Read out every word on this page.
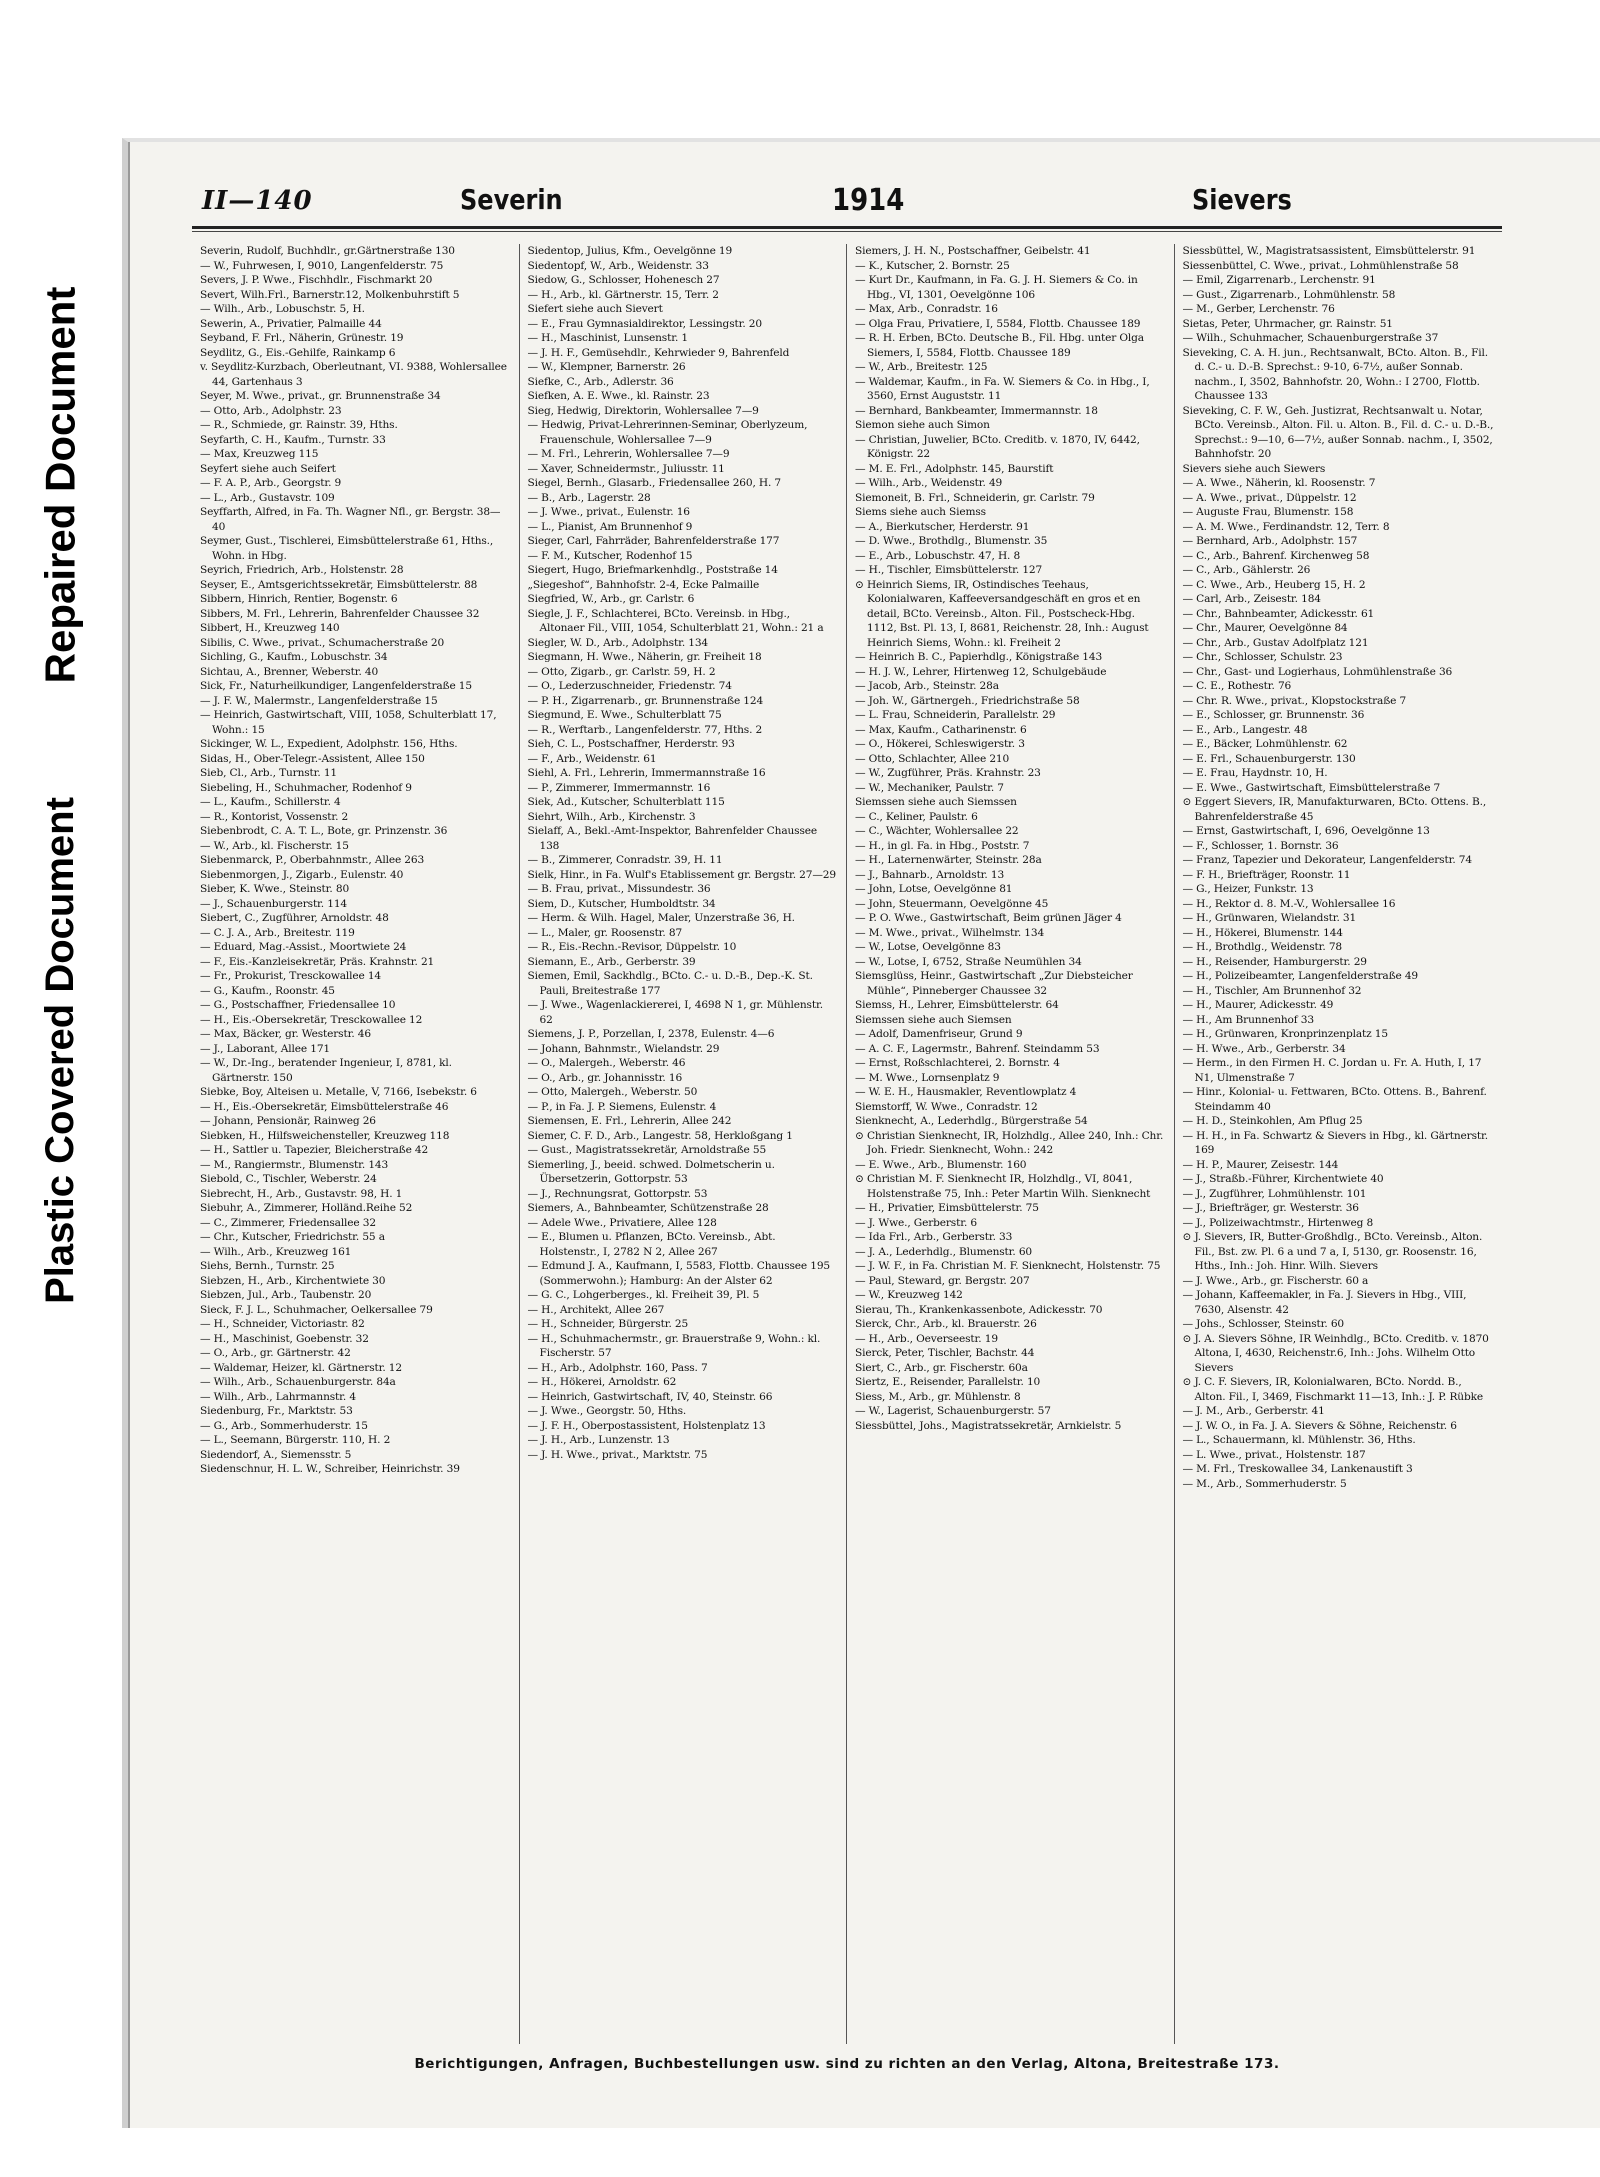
Repaired Document
Plastic Covered Document
II—140	Severin	1914	Sievers
Severin, Rudolf, Buchhdlr., gr.Gärtnerstraße 130
— W., Fuhrwesen, I, 9010, Langenfelderstr. 75
Severs, J. P. Wwe., Fischhdlr., Fischmarkt 20
Severt, Wilh.Frl., Barnerstr.12, Molkenbuhrstift 5
— Wilh., Arb., Lobuschstr. 5, H.
Sewerin, A., Privatier, Palmaille 44
Seyband, F. Frl., Näherin, Grünestr. 19
Seydlitz, G., Eis.-Gehilfe, Rainkamp 6
v. Seydlitz-Kurzbach, Oberleutnant, VI. 9388, Wohlersallee 44, Gartenhaus 3
Seyer, M. Wwe., privat., gr. Brunnenstraße 34
— Otto, Arb., Adolphstr. 23
— R., Schmiede, gr. Rainstr. 39, Hths.
Seyfarth, C. H., Kaufm., Turnstr. 33
— Max, Kreuzweg 115
Seyfert siehe auch Seifert
— F. A. P., Arb., Georgstr. 9
— L., Arb., Gustavstr. 109
Seyffarth, Alfred, in Fa. Th. Wagner Nfl., gr. Bergstr. 38—40
Seymer, Gust., Tischlerei, Eimsbüttelerstraße 61, Hths., Wohn. in Hbg.
Seyrich, Friedrich, Arb., Holstenstr. 28
Seyser, E., Amtsgerichtssekretär, Eimsbüttelerstr. 88
Sibbern, Hinrich, Rentier, Bogenstr. 6
Sibbers, M. Frl., Lehrerin, Bahrenfelder Chaussee 32
Sibbert, H., Kreuzweg 140
Sibilis, C. Wwe., privat., Schumacherstraße 20
Sichling, G., Kaufm., Lobuschstr. 34
Sichtau, A., Brenner, Weberstr. 40
Sick, Fr., Naturheilkundiger, Langenfelderstraße 15
— J. F. W., Malermstr., Langenfelderstraße 15
— Heinrich, Gastwirtschaft, VIII, 1058, Schulterblatt 17, Wohn.: 15
Sickinger, W. L., Expedient, Adolphstr. 156, Hths.
Sidas, H., Ober-Telegr.-Assistent, Allee 150
Sieb, Cl., Arb., Turnstr. 11
Siebeling, H., Schuhmacher, Rodenhof 9
— L., Kaufm., Schillerstr. 4
— R., Kontorist, Vossenstr. 2
Siebenbrodt, C. A. T. L., Bote, gr. Prinzenstr. 36
— W., Arb., kl. Fischerstr. 15
Siebenmarck, P., Oberbahnmstr., Allee 263
Siebenmorgen, J., Zigarb., Eulenstr. 40
Sieber, K. Wwe., Steinstr. 80
— J., Schauenburgerstr. 114
Siebert, C., Zugführer, Arnoldstr. 48
— C. J. A., Arb., Breitestr. 119
— Eduard, Mag.-Assist., Moortwiete 24
— F., Eis.-Kanzleisekretär, Präs. Krahnstr. 21
— Fr., Prokurist, Tresckowallee 14
— G., Kaufm., Roonstr. 45
— G., Postschaffner, Friedensallee 10
— H., Eis.-Obersekretär, Tresckowallee 12
— Max, Bäcker, gr. Westerstr. 46
— J., Laborant, Allee 171
— W., Dr.-Ing., beratender Ingenieur, I, 8781, kl. Gärtnerstr. 150
Siebke, Boy, Alteisen u. Metalle, V, 7166, Isebekstr. 6
— H., Eis.-Obersekretär, Eimsbüttelerstraße 46
— Johann, Pensionär, Rainweg 26
Siebken, H., Hilfsweichensteller, Kreuzweg 118
— H., Sattler u. Tapezier, Bleicherstraße 42
— M., Rangiermstr., Blumenstr. 143
Siebold, C., Tischler, Weberstr. 24
Siebrecht, H., Arb., Gustavstr. 98, H. 1
Siebuhr, A., Zimmerer, Holländ.Reihe 52
— C., Zimmerer, Friedensallee 32
— Chr., Kutscher, Friedrichstr. 55 a
— Wilh., Arb., Kreuzweg 161
Siehs, Bernh., Turnstr. 25
Siebzen, H., Arb., Kirchentwiete 30
Siebzen, Jul., Arb., Taubenstr. 20
Sieck, F. J. L., Schuhmacher, Oelkersallee 79
— H., Schneider, Victoriastr. 82
— H., Maschinist, Goebenstr. 32
— O., Arb., gr. Gärtnerstr. 42
— Waldemar, Heizer, kl. Gärtnerstr. 12
— Wilh., Arb., Schauenburgerstr. 84a
— Wilh., Arb., Lahrmannstr. 4
Siedenburg, Fr., Marktstr. 53
— G., Arb., Sommerhuderstr. 15
— L., Seemann, Bürgerstr. 110, H. 2
Siedendorf, A., Siemensstr. 5
Siedenschnur, H. L. W., Schreiber, Heinrichstr. 39
Siedentop, Julius, Kfm., Oevelgönne 19
Siedentopf, W., Arb., Weidenstr. 33
Siedow, G., Schlosser, Hohenesch 27
— H., Arb., kl. Gärtnerstr. 15, Terr. 2
Siefert siehe auch Sievert
— E., Frau Gymnasialdirektor, Lessingstr. 20
— H., Maschinist, Lunsenstr. 1
— J. H. F., Gemüsehdlr., Kehrwieder 9, Bahrenfeld
— W., Klempner, Barnerstr. 26
Siefke, C., Arb., Adlerstr. 36
Siefken, A. E. Wwe., kl. Rainstr. 23
Sieg, Hedwig, Direktorin, Wohlersallee 7—9
— Hedwig, Privat-Lehrerinnen-Seminar, Oberlyzeum, Frauenschule, Wohlersallee 7—9
— M. Frl., Lehrerin, Wohlersallee 7—9
— Xaver, Schneidermstr., Juliusstr. 11
Siegel, Bernh., Glasarb., Friedensallee 260, H. 7
— B., Arb., Lagerstr. 28
— J. Wwe., privat., Eulenstr. 16
— L., Pianist, Am Brunnenhof 9
Sieger, Carl, Fahrräder, Bahrenfelderstraße 177
— F. M., Kutscher, Rodenhof 15
Siegert, Hugo, Briefmarkenhdlg., Poststraße 14
„Siegeshof“, Bahnhofstr. 2-4, Ecke Palmaille
Siegfried, W., Arb., gr. Carlstr. 6
Siegle, J. F., Schlachterei, BCto. Vereinsb. in Hbg., Altonaer Fil., VIII, 1054, Schulterblatt 21, Wohn.: 21 a
Siegler, W. D., Arb., Adolphstr. 134
Siegmann, H. Wwe., Näherin, gr. Freiheit 18
— Otto, Zigarb., gr. Carlstr. 59, H. 2
— O., Lederzuschneider, Friedenstr. 74
— P. H., Zigarrenarb., gr. Brunnenstraße 124
Siegmund, E. Wwe., Schulterblatt 75
— R., Werftarb., Langenfelderstr. 77, Hths. 2
Sieh, C. L., Postschaffner, Herderstr. 93
— F., Arb., Weidenstr. 61
Siehl, A. Frl., Lehrerin, Immermannstraße 16
— P., Zimmerer, Immermannstr. 16
Siek, Ad., Kutscher, Schulterblatt 115
Siehrt, Wilh., Arb., Kirchenstr. 3
Sielaff, A., Bekl.-Amt-Inspektor, Bahrenfelder Chaussee 138
— B., Zimmerer, Conradstr. 39, H. 11
Sielk, Hinr., in Fa. Wulf's Etablissement gr. Bergstr. 27—29
— B. Frau, privat., Missundestr. 36
Siem, D., Kutscher, Humboldtstr. 34
— Herm. & Wilh. Hagel, Maler, Unzerstraße 36, H.
— L., Maler, gr. Roosenstr. 87
— R., Eis.-Rechn.-Revisor, Düppelstr. 10
Siemann, E., Arb., Gerberstr. 39
Siemen, Emil, Sackhdlg., BCto. C.- u. D.-B., Dep.-K. St. Pauli, Breitestraße 177
— J. Wwe., Wagenlackiererei, I, 4698 N 1, gr. Mühlenstr. 62
Siemens, J. P., Porzellan, I, 2378, Eulenstr. 4—6
— Johann, Bahnmstr., Wielandstr. 29
— O., Malergeh., Weberstr. 46
— O., Arb., gr. Johannisstr. 16
— Otto, Malergeh., Weberstr. 50
— P., in Fa. J. P. Siemens, Eulenstr. 4
Siemensen, E. Frl., Lehrerin, Allee 242
Siemer, C. F. D., Arb., Langestr. 58, Herkloßgang 1
— Gust., Magistratssekretär, Arnoldstraße 55
Siemerling, J., beeid. schwed. Dolmetscherin u. Übersetzerin, Gottorpstr. 53
— J., Rechnungsrat, Gottorpstr. 53
Siemers, A., Bahnbeamter, Schützenstraße 28
— Adele Wwe., Privatiere, Allee 128
— E., Blumen u. Pflanzen, BCto. Vereinsb., Abt. Holstenstr., I, 2782 N 2, Allee 267
— Edmund J. A., Kaufmann, I, 5583, Flottb. Chaussee 195 (Sommerwohn.); Hamburg: An der Alster 62
— G. C., Lohgerberges., kl. Freiheit 39, Pl. 5
— H., Architekt, Allee 267
— H., Schneider, Bürgerstr. 25
— H., Schuhmachermstr., gr. Brauerstraße 9, Wohn.: kl. Fischerstr. 57
— H., Arb., Adolphstr. 160, Pass. 7
— H., Hökerei, Arnoldstr. 62
— Heinrich, Gastwirtschaft, IV, 40, Steinstr. 66
— J. Wwe., Georgstr. 50, Hths.
— J. F. H., Oberpostassistent, Holstenplatz 13
— J. H., Arb., Lunzenstr. 13
— J. H. Wwe., privat., Marktstr. 75
Siemers, J. H. N., Postschaffner, Geibelstr. 41
— K., Kutscher, 2. Bornstr. 25
— Kurt Dr., Kaufmann, in Fa. G. J. H. Siemers & Co. in Hbg., VI, 1301, Oevelgönne 106
— Max, Arb., Conradstr. 16
— Olga Frau, Privatiere, I, 5584, Flottb. Chaussee 189
— R. H. Erben, BCto. Deutsche B., Fil. Hbg. unter Olga Siemers, I, 5584, Flottb. Chaussee 189
— W., Arb., Breitestr. 125
— Waldemar, Kaufm., in Fa. W. Siemers & Co. in Hbg., I, 3560, Ernst Auguststr. 11
— Bernhard, Bankbeamter, Immermannstr. 18
Siemon siehe auch Simon
— Christian, Juwelier, BCto. Creditb. v. 1870, IV, 6442, Königstr. 22
— M. E. Frl., Adolphstr. 145, Baurstift
— Wilh., Arb., Weidenstr. 49
Siemoneit, B. Frl., Schneiderin, gr. Carlstr. 79
Siems siehe auch Siemss
— A., Bierkutscher, Herderstr. 91
— D. Wwe., Brothdlg., Blumenstr. 35
— E., Arb., Lobuschstr. 47, H. 8
— H., Tischler, Eimsbüttelerstr. 127
⊙ Heinrich Siems, IR, Ostindisches Teehaus, Kolonialwaren, Kaffeeversandgeschäft en gros et en detail, BCto. Vereinsb., Alton. Fil., Postscheck-Hbg. 1112, Bst. Pl. 13, I, 8681, Reichenstr. 28, Inh.: August Heinrich Siems, Wohn.: kl. Freiheit 2
— Heinrich B. C., Papierhdlg., Königstraße 143
— H. J. W., Lehrer, Hirtenweg 12, Schulgebäude
— Jacob, Arb., Steinstr. 28a
— Joh. W., Gärtnergeh., Friedrichstraße 58
— L. Frau, Schneiderin, Parallelstr. 29
— Max, Kaufm., Catharinenstr. 6
— O., Hökerei, Schleswigerstr. 3
— Otto, Schlachter, Allee 210
— W., Zugführer, Präs. Krahnstr. 23
— W., Mechaniker, Paulstr. 7
Siemssen siehe auch Siemssen
— C., Keliner, Paulstr. 6
— C., Wächter, Wohlersallee 22
— H., in gl. Fa. in Hbg., Poststr. 7
— H., Laternenwärter, Steinstr. 28a
— J., Bahnarb., Arnoldstr. 13
— John, Lotse, Oevelgönne 81
— John, Steuermann, Oevelgönne 45
— P. O. Wwe., Gastwirtschaft, Beim grünen Jäger 4
— M. Wwe., privat., Wilhelmstr. 134
— W., Lotse, Oevelgönne 83
— W., Lotse, I, 6752, Straße Neumühlen 34
Siemsglüss, Heinr., Gastwirtschaft „Zur Diebsteicher Mühle“, Pinneberger Chaussee 32
Siemss, H., Lehrer, Eimsbüttelerstr. 64
Siemssen siehe auch Siemsen
— Adolf, Damenfriseur, Grund 9
— A. C. F., Lagermstr., Bahrenf. Steindamm 53
— Ernst, Roßschlachterei, 2. Bornstr. 4
— M. Wwe., Lornsenplatz 9
— W. E. H., Hausmakler, Reventlowplatz 4
Siemstorff, W. Wwe., Conradstr. 12
Sienknecht, A., Lederhdlg., Bürgerstraße 54
⊙ Christian Sienknecht, IR, Holzhdlg., Allee 240, Inh.: Chr. Joh. Friedr. Sienknecht, Wohn.: 242
— E. Wwe., Arb., Blumenstr. 160
⊙ Christian M. F. Sienknecht IR, Holzhdlg., VI, 8041, Holstenstraße 75, Inh.: Peter Martin Wilh. Sienknecht
— H., Privatier, Eimsbüttelerstr. 75
— J. Wwe., Gerberstr. 6
— Ida Frl., Arb., Gerberstr. 33
— J. A., Lederhdlg., Blumenstr. 60
— J. W. F., in Fa. Christian M. F. Sienknecht, Holstenstr. 75
— Paul, Steward, gr. Bergstr. 207
— W., Kreuzweg 142
Sierau, Th., Krankenkassenbote, Adickesstr. 70
Sierck, Chr., Arb., kl. Brauerstr. 26
— H., Arb., Oeverseestr. 19
Sierck, Peter, Tischler, Bachstr. 44
Siert, C., Arb., gr. Fischerstr. 60a
Siertz, E., Reisender, Parallelstr. 10
Siess, M., Arb., gr. Mühlenstr. 8
— W., Lagerist, Schauenburgerstr. 57
Siessbüttel, Johs., Magistratssekretär, Arnkielstr. 5
Siessbüttel, W., Magistratsassistent, Eimsbüttelerstr. 91
Siessenbüttel, C. Wwe., privat., Lohmühlenstraße 58
— Emil, Zigarrenarb., Lerchenstr. 91
— Gust., Zigarrenarb., Lohmühlenstr. 58
— M., Gerber, Lerchenstr. 76
Sietas, Peter, Uhrmacher, gr. Rainstr. 51
— Wilh., Schuhmacher, Schauenburgerstraße 37
Sieveking, C. A. H. jun., Rechtsanwalt, BCto. Alton. B., Fil. d. C.- u. D.-B. Sprechst.: 9-10, 6-7½, außer Sonnab. nachm., I, 3502, Bahnhofstr. 20, Wohn.: I 2700, Flottb. Chaussee 133
Sieveking, C. F. W., Geh. Justizrat, Rechtsanwalt u. Notar, BCto. Vereinsb., Alton. Fil. u. Alton. B., Fil. d. C.- u. D.-B., Sprechst.: 9—10, 6—7½, außer Sonnab. nachm., I, 3502, Bahnhofstr. 20
Sievers siehe auch Siewers
— A. Wwe., Näherin, kl. Roosenstr. 7
— A. Wwe., privat., Düppelstr. 12
— Auguste Frau, Blumenstr. 158
— A. M. Wwe., Ferdinandstr. 12, Terr. 8
— Bernhard, Arb., Adolphstr. 157
— C., Arb., Bahrenf. Kirchenweg 58
— C., Arb., Gählerstr. 26
— C. Wwe., Arb., Heuberg 15, H. 2
— Carl, Arb., Zeisestr. 184
— Chr., Bahnbeamter, Adickesstr. 61
— Chr., Maurer, Oevelgönne 84
— Chr., Arb., Gustav Adolfplatz 121
— Chr., Schlosser, Schulstr. 23
— Chr., Gast- und Logierhaus, Lohmühlenstraße 36
— C. E., Rothestr. 76
— Chr. R. Wwe., privat., Klopstockstraße 7
— E., Schlosser, gr. Brunnenstr. 36
— E., Arb., Langestr. 48
— E., Bäcker, Lohmühlenstr. 62
— E. Frl., Schauenburgerstr. 130
— E. Frau, Haydnstr. 10, H.
— E. Wwe., Gastwirtschaft, Eimsbüttelerstraße 7
⊙ Eggert Sievers, IR, Manufakturwaren, BCto. Ottens. B., Bahrenfelderstraße 45
— Ernst, Gastwirtschaft, I, 696, Oevelgönne 13
— F., Schlosser, 1. Bornstr. 36
— Franz, Tapezier und Dekorateur, Langenfelderstr. 74
— F. H., Briefträger, Roonstr. 11
— G., Heizer, Funkstr. 13
— H., Rektor d. 8. M.-V., Wohlersallee 16
— H., Grünwaren, Wielandstr. 31
— H., Hökerei, Blumenstr. 144
— H., Brothdlg., Weidenstr. 78
— H., Reisender, Hamburgerstr. 29
— H., Polizeibeamter, Langenfelderstraße 49
— H., Tischler, Am Brunnenhof 32
— H., Maurer, Adickesstr. 49
— H., Am Brunnenhof 33
— H., Grünwaren, Kronprinzenplatz 15
— H. Wwe., Arb., Gerberstr. 34
— Herm., in den Firmen H. C. Jordan u. Fr. A. Huth, I, 17 N1, Ulmenstraße 7
— Hinr., Kolonial- u. Fettwaren, BCto. Ottens. B., Bahrenf. Steindamm 40
— H. D., Steinkohlen, Am Pflug 25
— H. H., in Fa. Schwartz & Sievers in Hbg., kl. Gärtnerstr. 169
— H. P., Maurer, Zeisestr. 144
— J., Straßb.-Führer, Kirchentwiete 40
— J., Zugführer, Lohmühlenstr. 101
— J., Briefträger, gr. Westerstr. 36
— J., Polizeiwachtmstr., Hirtenweg 8
⊙ J. Sievers, IR, Butter-Großhdlg., BCto. Vereinsb., Alton. Fil., Bst. zw. Pl. 6 a und 7 a, I, 5130, gr. Roosenstr. 16, Hths., Inh.: Joh. Hinr. Wilh. Sievers
— J. Wwe., Arb., gr. Fischerstr. 60 a
— Johann, Kaffeemakler, in Fa. J. Sievers in Hbg., VIII, 7630, Alsenstr. 42
— Johs., Schlosser, Steinstr. 60
⊙ J. A. Sievers Söhne, IR Weinhdlg., BCto. Creditb. v. 1870 Altona, I, 4630, Reichenstr.6, Inh.: Johs. Wilhelm Otto Sievers
⊙ J. C. F. Sievers, IR, Kolonialwaren, BCto. Nordd. B., Alton. Fil., I, 3469, Fischmarkt 11—13, Inh.: J. P. Rübke
— J. M., Arb., Gerberstr. 41
— J. W. O., in Fa. J. A. Sievers & Söhne, Reichenstr. 6
— L., Schauermann, kl. Mühlenstr. 36, Hths.
— L. Wwe., privat., Holstenstr. 187
— M. Frl., Treskowallee 34, Lankenaustift 3
— M., Arb., Sommerhuderstr. 5
Berichtigungen, Anfragen, Buchbestellungen usw. sind zu richten an den Verlag, Altona, Breitestraße 173.
